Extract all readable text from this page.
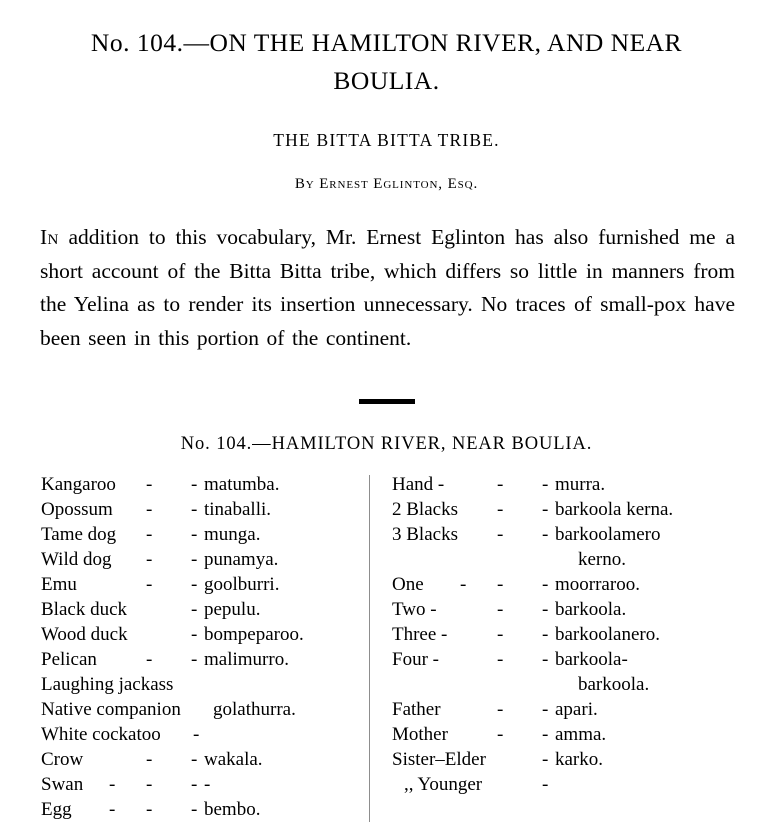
No. 104.—ON THE HAMILTON RIVER, AND NEAR
BOULIA.
THE BITTA BITTA TRIBE.
By Ernest Eglinton, Esq.

In addition to this vocabulary, Mr. Ernest Eglinton has also furnished me a short account of the Bitta Bitta tribe, which differs so little in manners from the Yelina as to render its insertion unnecessary. No traces of small-pox have been seen in this portion of the continent.

No. 104.—HAMILTON RIVER, NEAR BOULIA.
Kangaroo - - matumba.
Opossum - - tinaballi.
Tame dog - - munga.
Wild dog - - punamya.
Emu	- - goolburri.
Black duck	- pepulu.
Wood duck	- bompeparoo.
Pelican	- - malimurro.
Laughing jackass
Native companion golathurra.
White cockatoo -
Crow	- - wakala.
Swan - - - -
Egg - - - bembo.
Hand -	- - murra.
2 Blacks - - barkoola kerna.
3 Blacks - - barkoolamero
kerno.
One - - - moorraroo.
Two -	- - barkoola.
Three -	- - barkoolanero.
Four -	- - barkoola-
barkoola.
Father	- - apari.
Mother	- - amma.
Sister–Elder	- karko.
,, Younger	-
